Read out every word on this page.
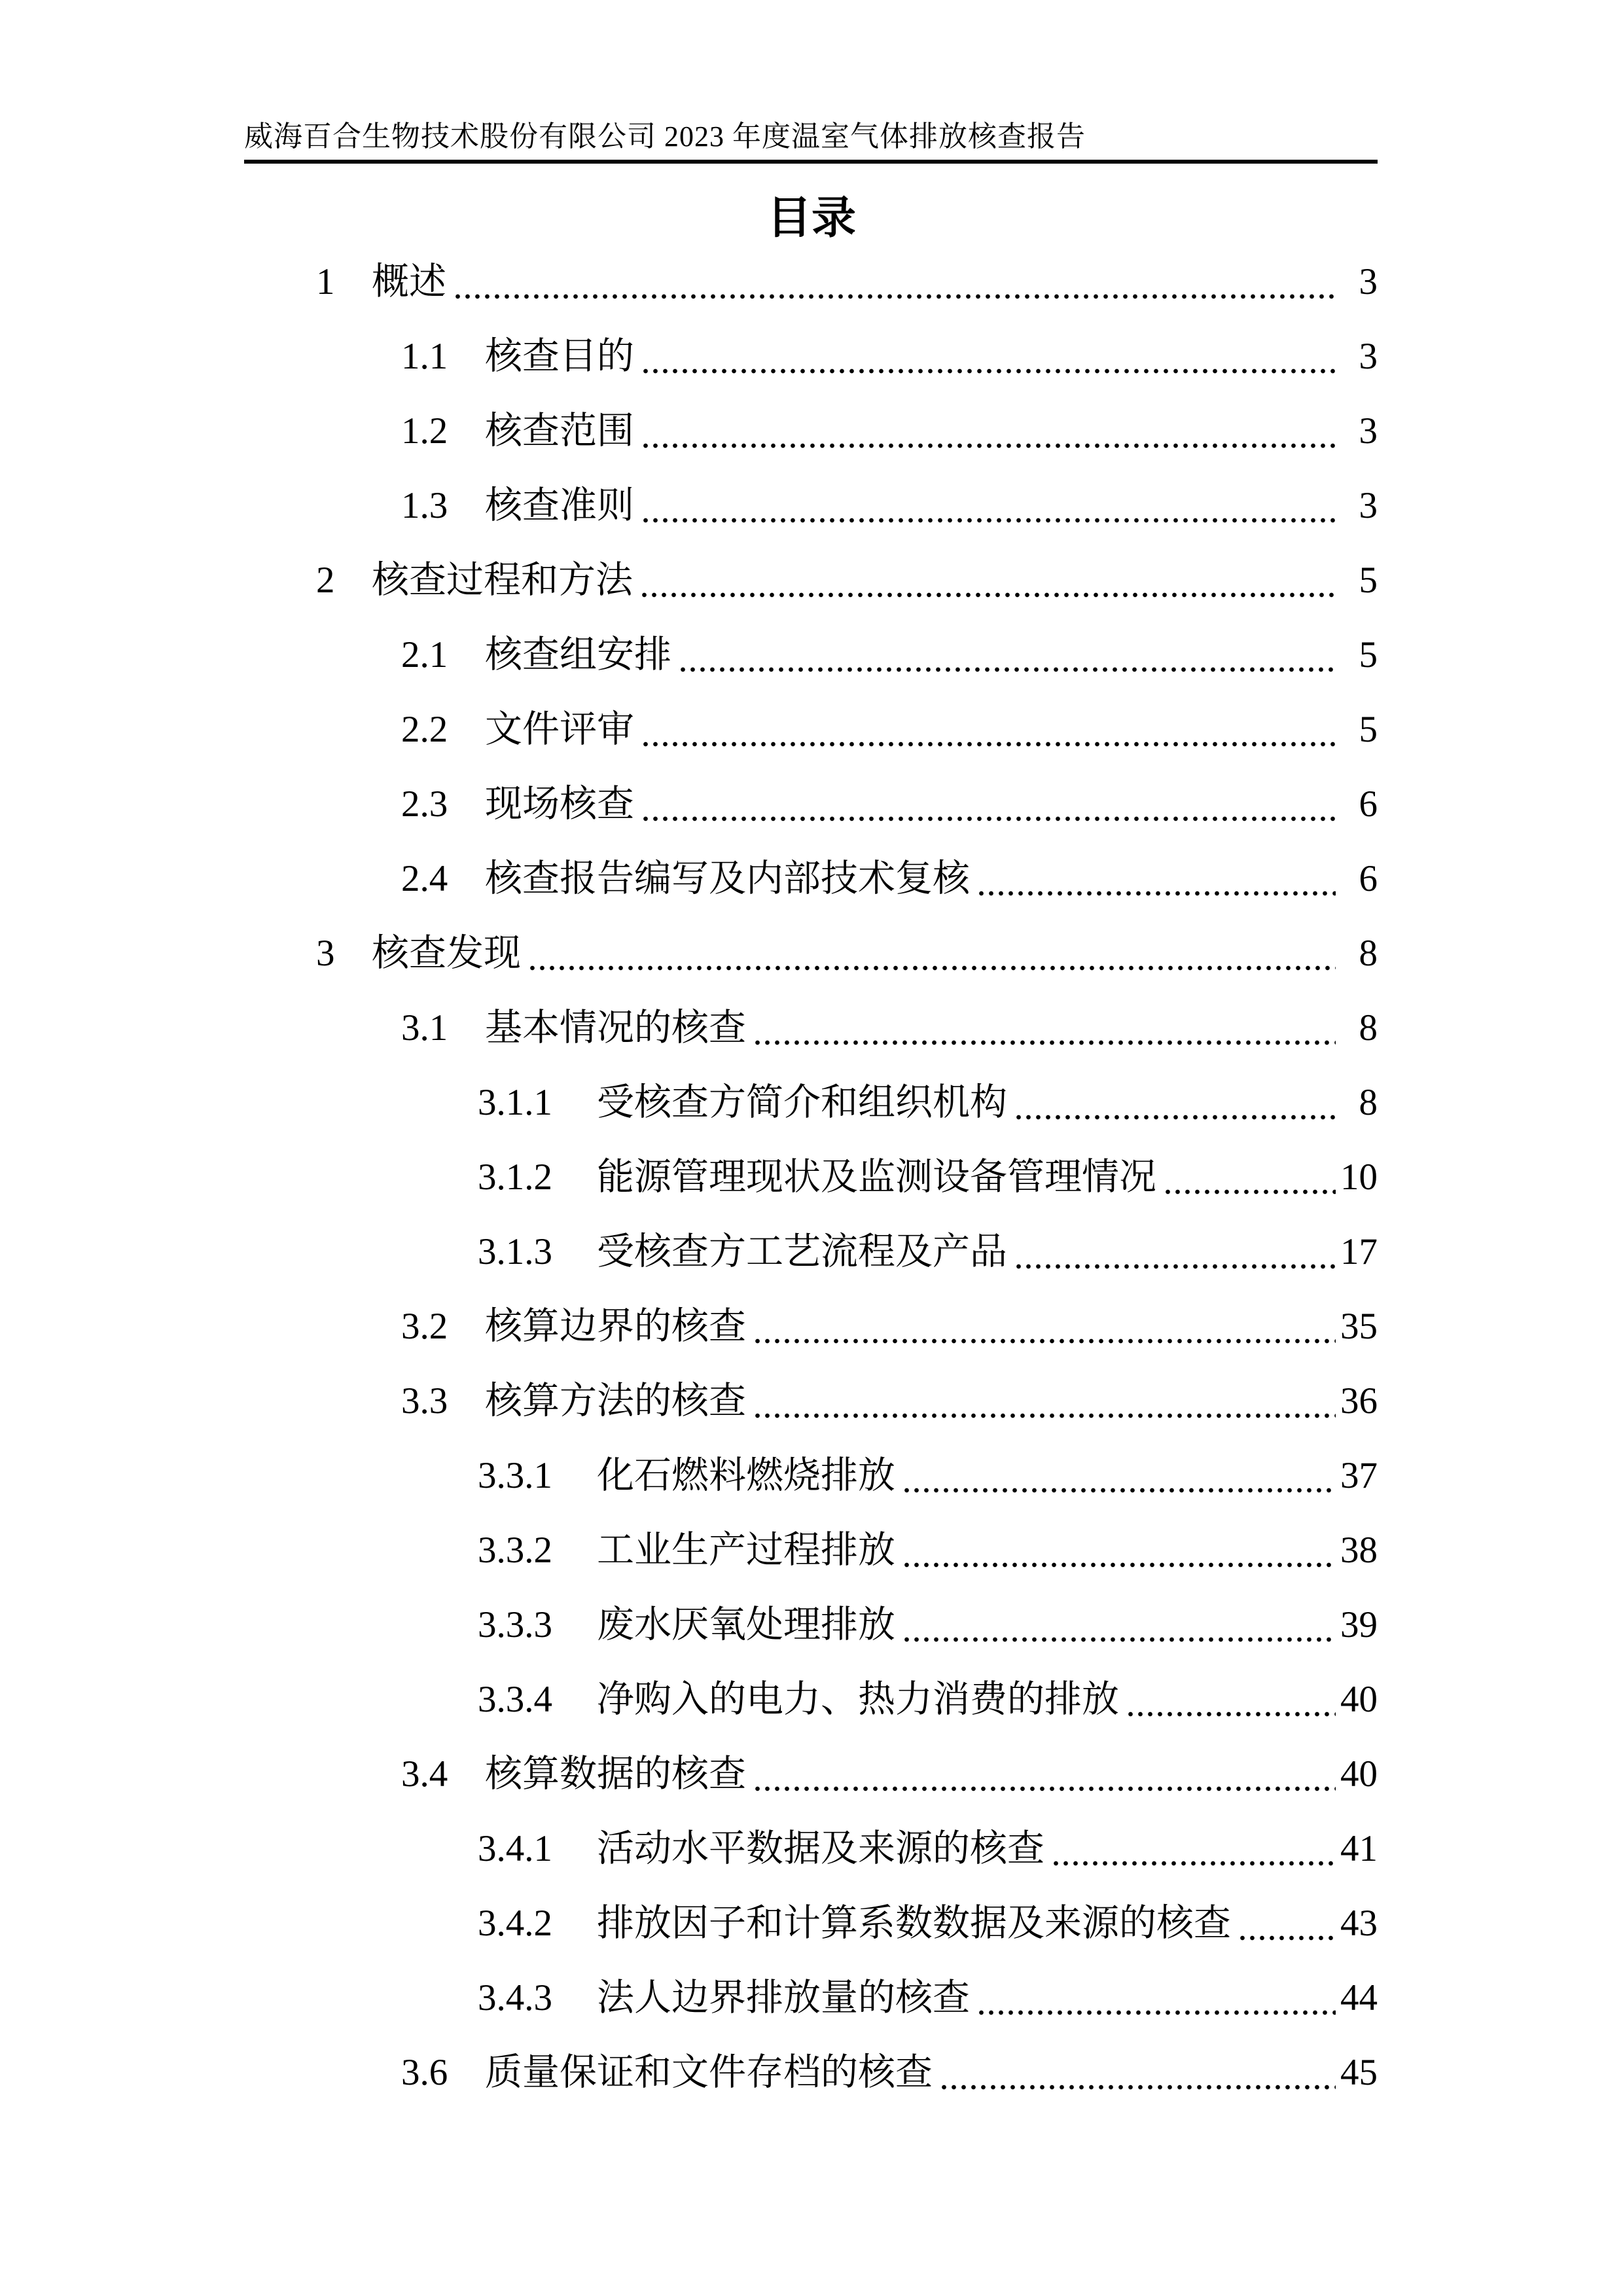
威海百合生物技术股份有限公司 2023 年度温室气体排放核查报告
目录
1 概述	3
1.1 核查目的	3
1.2 核查范围	3
1.3 核查准则	3
2 核查过程和方法	5
2.1 核查组安排	5
2.2 文件评审	5
2.3 现场核查	6
2.4 核查报告编写及内部技术复核	6
3 核查发现	8
3.1 基本情况的核查	8
3.1.1	受核查方简介和组织机构	8
3.1.2	能源管理现状及监测设备管理情况	10
3.1.3	受核查方工艺流程及产品	17
3.2 核算边界的核查	35
3.3 核算方法的核查	36
3.3.1	化石燃料燃烧排放	37
3.3.2	工业生产过程排放	38
3.3.3	废水厌氧处理排放	39
3.3.4	净购入的电力、热力消费的排放	40
3.4 核算数据的核查	40
3.4.1	活动水平数据及来源的核查	41
3.4.2	排放因子和计算系数数据及来源的核查	43
3.4.3	法人边界排放量的核查	44
3.6 质量保证和文件存档的核查	45
